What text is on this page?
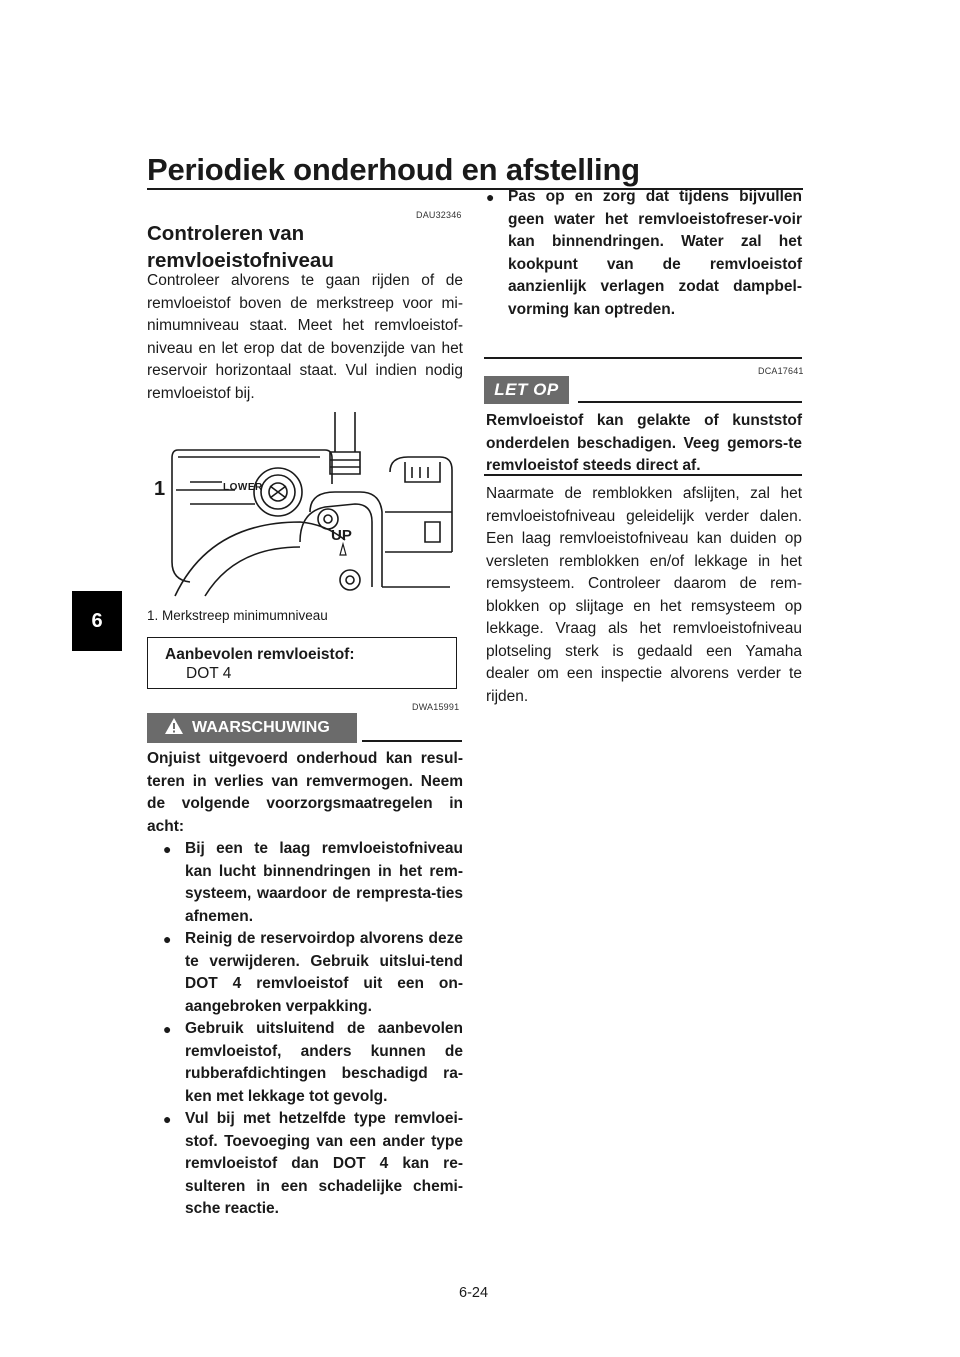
Periodiek onderhoud en afstelling
6
DAU32346
Controleren van remvloeistofniveau
Controleer alvorens te gaan rijden of de remvloeistof boven de merkstreep voor mi-nimumniveau staat. Meet het remvloeistof-niveau en let erop dat de bovenzijde van het reservoir horizontaal staat. Vul indien nodig remvloeistof bij.
1	LOWER
UP
1. Merkstreep minimumniveau
Aanbevolen remvloeistof:
DOT 4
DWA15991
WAARSCHUWING
Onjuist uitgevoerd onderhoud kan resul-teren in verlies van remvermogen. Neem de volgende voorzorgsmaatregelen in acht:
● Bij een te laag remvloeistofniveau kan lucht binnendringen in het rem-systeem, waardoor de rempresta-ties afnemen.
● Reinig de reservoirdop alvorens deze te verwijderen. Gebruik uitslui-tend DOT 4 remvloeistof uit een on-aangebroken verpakking.
● Gebruik uitsluitend de aanbevolen remvloeistof, anders kunnen de rubberafdichtingen beschadigd ra-ken met lekkage tot gevolg.
● Vul bij met hetzelfde type remvloei-stof. Toevoeging van een ander type remvloeistof dan DOT 4 kan re-sulteren in een schadelijke chemi-sche reactie.
● Pas op en zorg dat tijdens bijvullen geen water het remvloeistofreser-voir kan binnendringen. Water zal het kookpunt van de remvloeistof aanzienlijk verlagen zodat dampbel-vorming kan optreden.
DCA17641
LET OP
Remvloeistof kan gelakte of kunststof onderdelen beschadigen. Veeg gemors-te remvloeistof steeds direct af.
Naarmate de remblokken afslijten, zal het remvloeistofniveau geleidelijk verder dalen. Een laag remvloeistofniveau kan duiden op versleten remblokken en/of lekkage in het remsysteem. Controleer daarom de rem-blokken op slijtage en het remsysteem op lekkage. Vraag als het remvloeistofniveau plotseling sterk is gedaald een Yamaha dealer om een inspectie alvorens verder te rijden.
6-24
